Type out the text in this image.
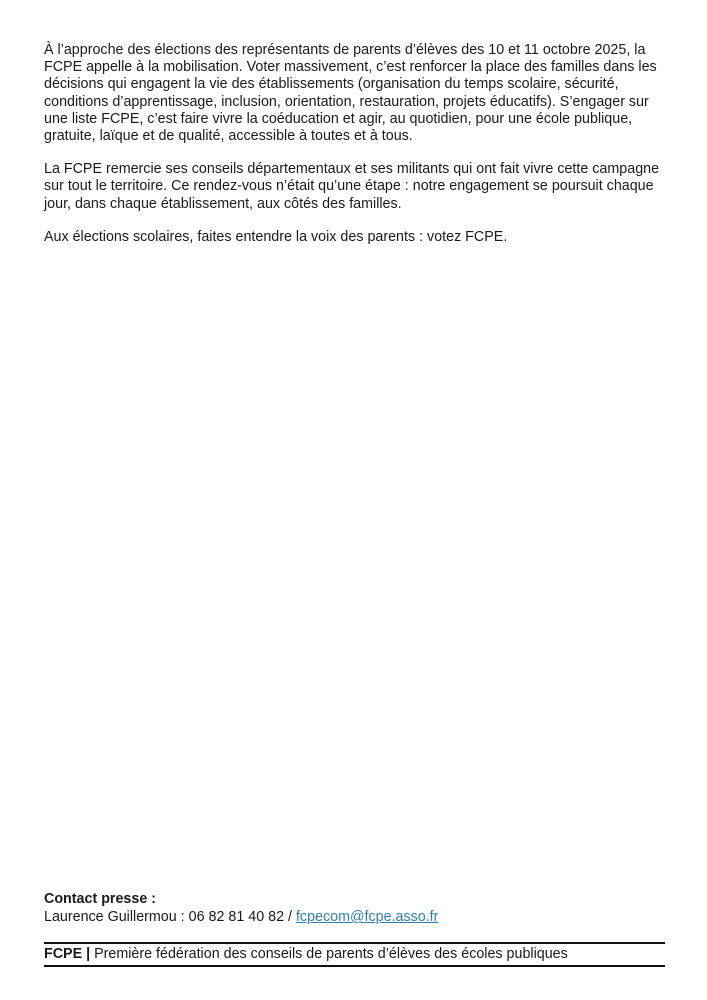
À l’approche des élections des représentants de parents d’élèves des 10 et 11 octobre 2025, la FCPE appelle à la mobilisation. Voter massivement, c’est renforcer la place des familles dans les décisions qui engagent la vie des établissements (organisation du temps scolaire, sécurité, conditions d’apprentissage, inclusion, orientation, restauration, projets éducatifs). S’engager sur une liste FCPE, c’est faire vivre la coéducation et agir, au quotidien, pour une école publique, gratuite, laïque et de qualité, accessible à toutes et à tous.

La FCPE remercie ses conseils départementaux et ses militants qui ont fait vivre cette campagne sur tout le territoire. Ce rendez-vous n’était qu’une étape : notre engagement se poursuit chaque jour, dans chaque établissement, aux côtés des familles.

Aux élections scolaires, faites entendre la voix des parents : votez FCPE.

Contact presse :
Laurence Guillermou : 06 82 81 40 82 / fcpecom@fcpe.asso.fr
FCPE | Première fédération des conseils de parents d’élèves des écoles publiques
